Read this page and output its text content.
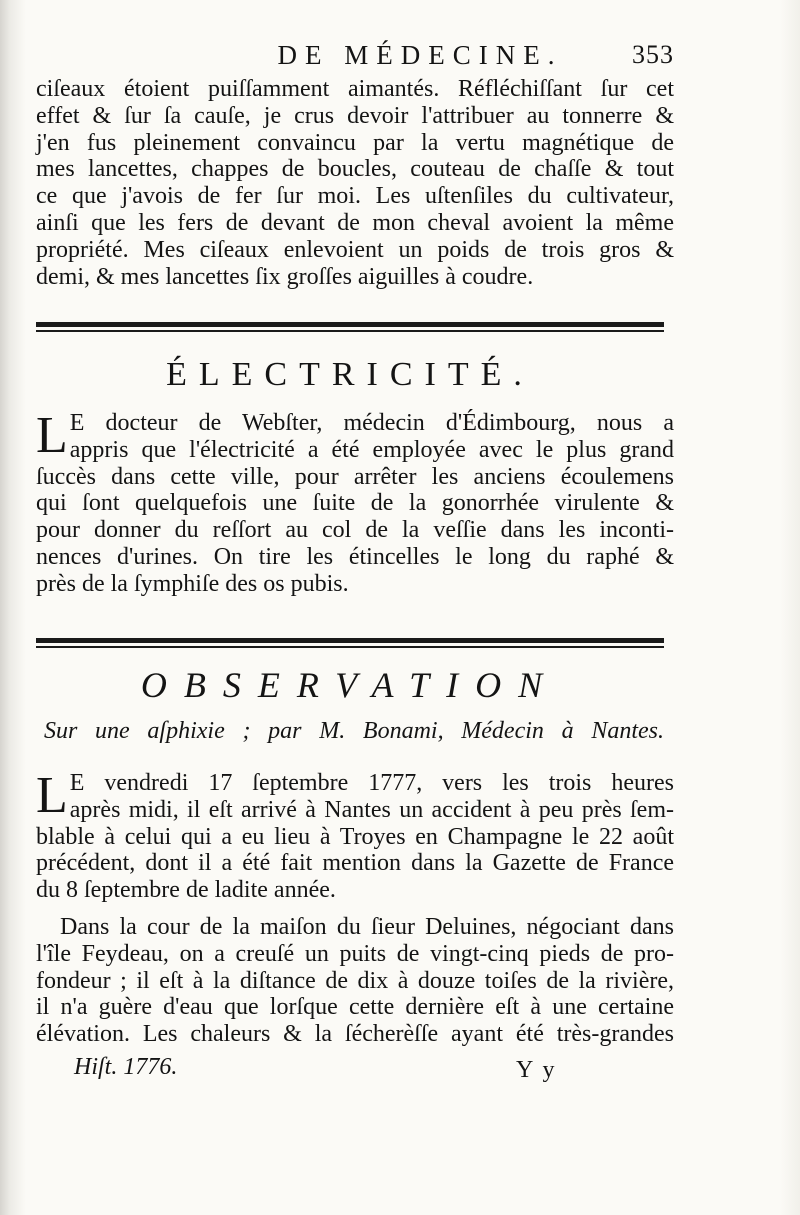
DE MÉDECINE.	353
ciſeaux étoient puiſſamment aimantés. Réfléchiſſant ſur cet
effet & ſur ſa cauſe, je crus devoir l'attribuer au tonnerre &
j'en fus pleinement convaincu par la vertu magnétique de
mes lancettes, chappes de boucles, couteau de chaſſe & tout
ce que j'avois de fer ſur moi. Les uſtenſiles du cultivateur,
ainſi que les fers de devant de mon cheval avoient la même
propriété. Mes ciſeaux enlevoient un poids de trois gros &
demi, & mes lancettes ſix groſſes aiguilles à coudre.
ÉLECTRICITÉ.
L E docteur de Webſter, médecin d'Édimbourg, nous a
appris que l'électricité a été employée avec le plus grand
ſuccès dans cette ville, pour arrêter les anciens écoulemens
qui ſont quelquefois une ſuite de la gonorrhée virulente &
pour donner du reſſort au col de la veſſie dans les inconti-
nences d'urines. On tire les étincelles le long du raphé &
près de la ſymphiſe des os pubis.
OBSERVATION
Sur une aſphixie ; par M. Bonami, Médecin à Nantes.
L E vendredi 17 ſeptembre 1777, vers les trois heures
après midi, il eſt arrivé à Nantes un accident à peu près ſem-
blable à celui qui a eu lieu à Troyes en Champagne le 22 août
précédent, dont il a été fait mention dans la Gazette de France
du 8 ſeptembre de ladite année.
Dans la cour de la maiſon du ſieur Deluines, négociant dans
l'île Feydeau, on a creuſé un puits de vingt-cinq pieds de pro-
fondeur ; il eſt à la diſtance de dix à douze toiſes de la rivière,
il n'a guère d'eau que lorſque cette dernière eſt à une certaine
élévation. Les chaleurs & la ſécherèſſe ayant été très-grandes
Hiſt. 1776.	Y y
